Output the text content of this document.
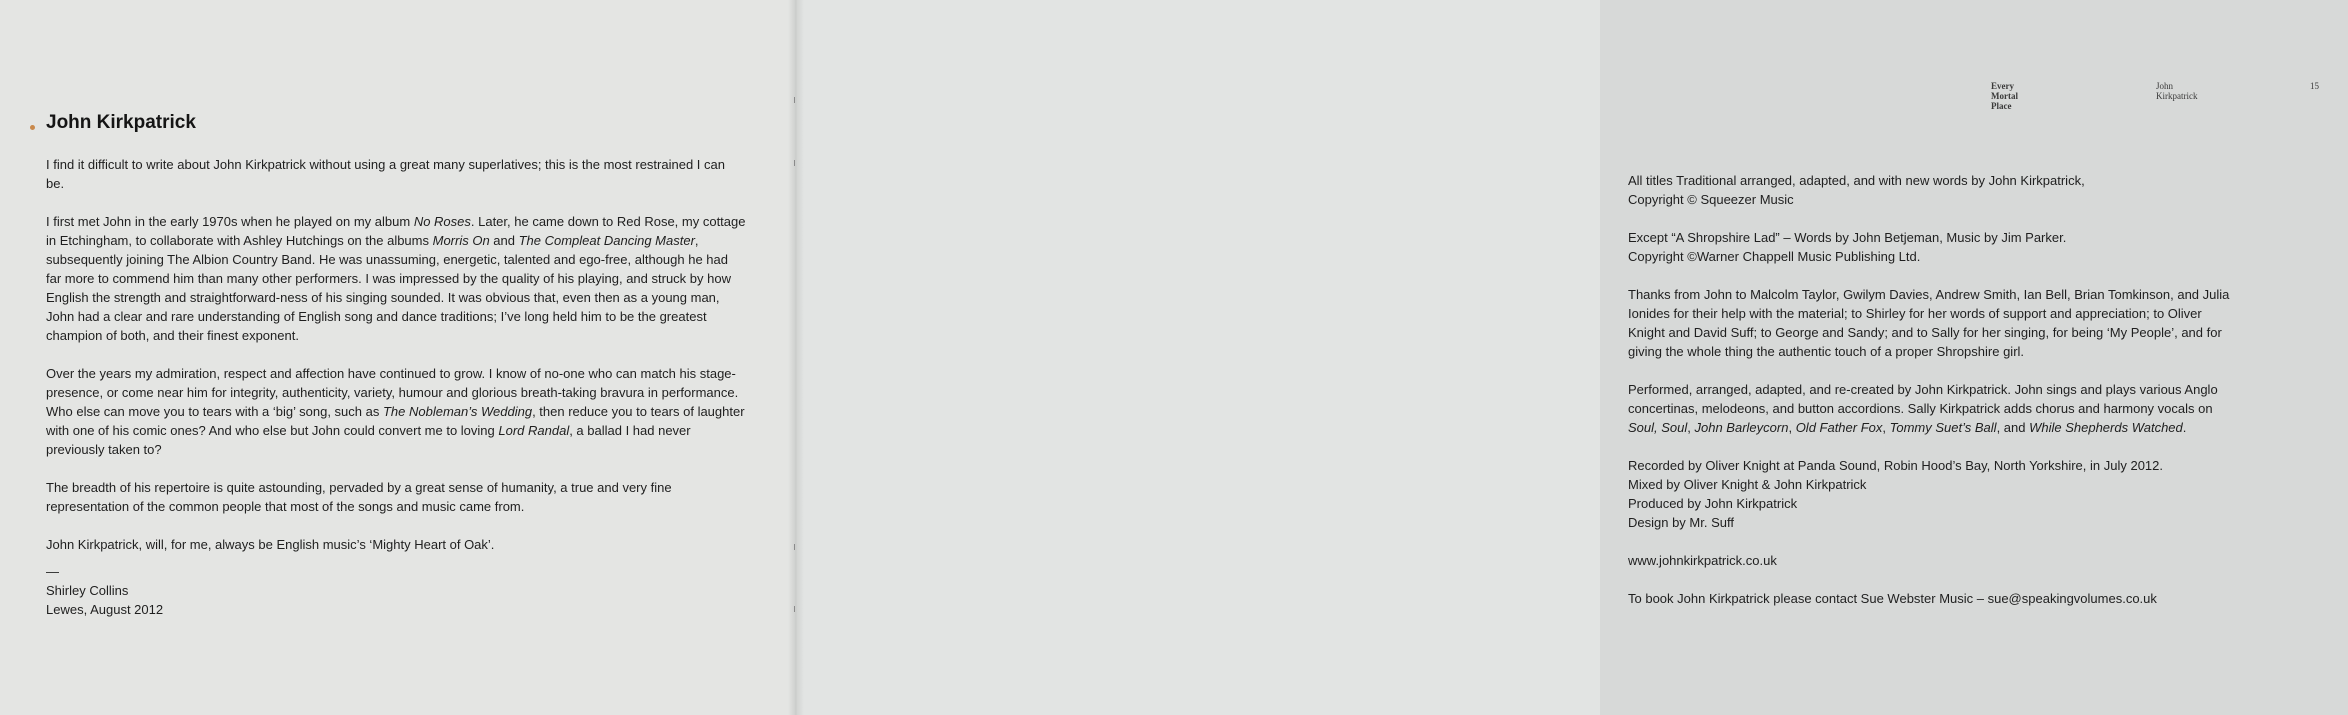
John Kirkpatrick

I find it difficult to write about John Kirkpatrick without using a great many superlatives; this is the most restrained I can be.

I first met John in the early 1970s when he played on my album No Roses. Later, he came down to Red Rose, my cottage in Etchingham, to collaborate with Ashley Hutchings on the albums Morris On and The Compleat Dancing Master, subsequently joining The Albion Country Band. He was unassuming, energetic, talented and ego-free, although he had far more to commend him than many other performers. I was impressed by the quality of his playing, and struck by how English the strength and straightforward-ness of his singing sounded. It was obvious that, even then as a young man, John had a clear and rare understanding of English song and dance traditions; I’ve long held him to be the greatest champion of both, and their finest exponent.

Over the years my admiration, respect and affection have continued to grow. I know of no-one who can match his stage-presence, or come near him for integrity, authenticity, variety, humour and glorious breath-taking bravura in performance. Who else can move you to tears with a ‘big’ song, such as The Nobleman’s Wedding, then reduce you to tears of laughter with one of his comic ones? And who else but John could convert me to loving Lord Randal, a ballad I had never previously taken to?

The breadth of his repertoire is quite astounding, pervaded by a great sense of humanity, a true and very fine representation of the common people that most of the songs and music came from.

John Kirkpatrick, will, for me, always be English music’s ‘Mighty Heart of Oak’.

—
Shirley Collins
Lewes, August 2012

Every Mortal Place
John Kirkpatrick
15

All titles Traditional arranged, adapted, and with new words by John Kirkpatrick,

Copyright © Squeezer Music

Except “A Shropshire Lad” – Words by John Betjeman, Music by Jim Parker.

Copyright ©Warner Chappell Music Publishing Ltd.

Thanks from John to Malcolm Taylor, Gwilym Davies, Andrew Smith, Ian Bell, Brian Tomkinson, and Julia

Ionides for their help with the material; to Shirley for her words of support and appreciation; to Oliver

Knight and David Suff; to George and Sandy; and to Sally for her singing, for being ‘My People’, and for

giving the whole thing the authentic touch of a proper Shropshire girl.

Performed, arranged, adapted, and re-created by John Kirkpatrick. John sings and plays various Anglo

concertinas, melodeons, and button accordions. Sally Kirkpatrick adds chorus and harmony vocals on

Soul, Soul, John Barleycorn, Old Father Fox, Tommy Suet’s Ball, and While Shepherds Watched.

Recorded by Oliver Knight at Panda Sound, Robin Hood’s Bay, North Yorkshire, in July 2012.

Mixed by Oliver Knight & John Kirkpatrick

Produced by John Kirkpatrick

Design by Mr. Suff

www.johnkirkpatrick.co.uk

To book John Kirkpatrick please contact Sue Webster Music – sue@speakingvolumes.co.uk
